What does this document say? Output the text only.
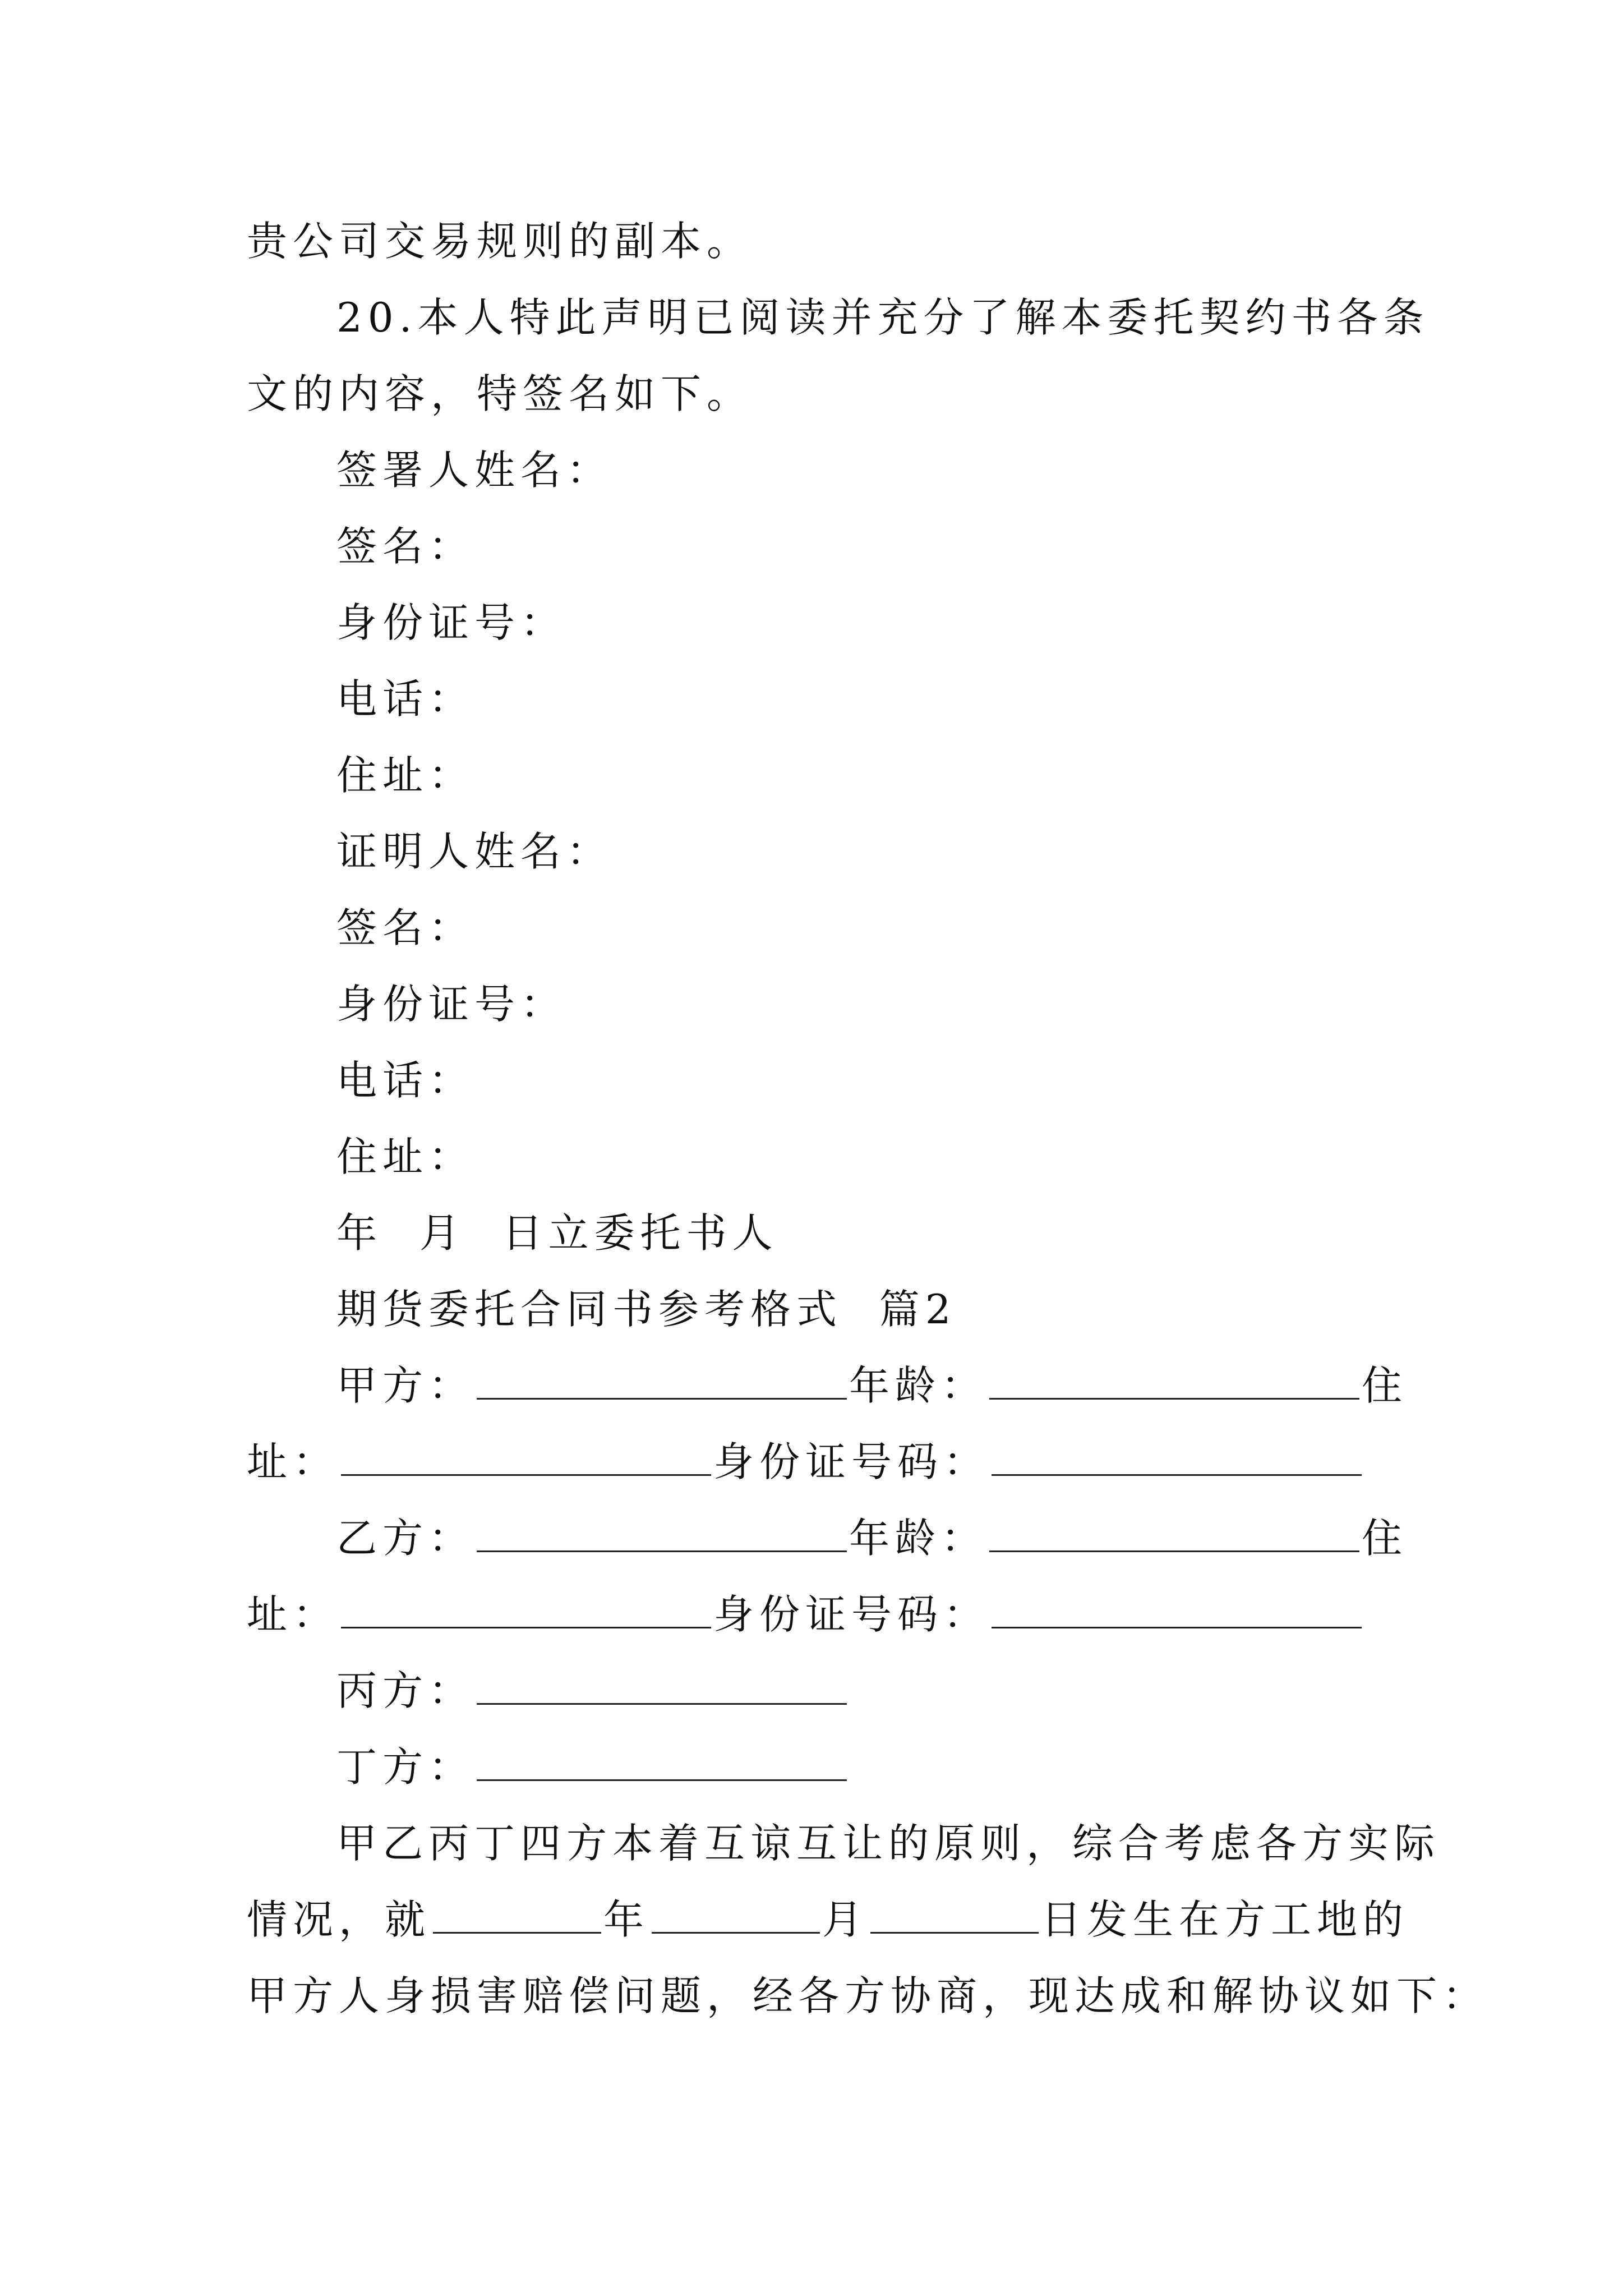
贵公司交易规则的副本。
20.本人特此声明已阅读并充分了解本委托契约书各条
文的内容，特签名如下。
签署人姓名：
签名：
身份证号：
电话：
住址：
证明人姓名：
签名：
身份证号：
电话：
住址：
年  月  日立委托书人
期货委托合同书参考格式  篇2
甲方：	年龄：	住
址：	身份证号码：
乙方：	年龄：	住
址：	身份证号码：
丙方：
丁方：
甲乙丙丁四方本着互谅互让的原则，综合考虑各方实际
情况，就	年	月	日发生在方工地的
甲方人身损害赔偿问题，经各方协商，现达成和解协议如下：
